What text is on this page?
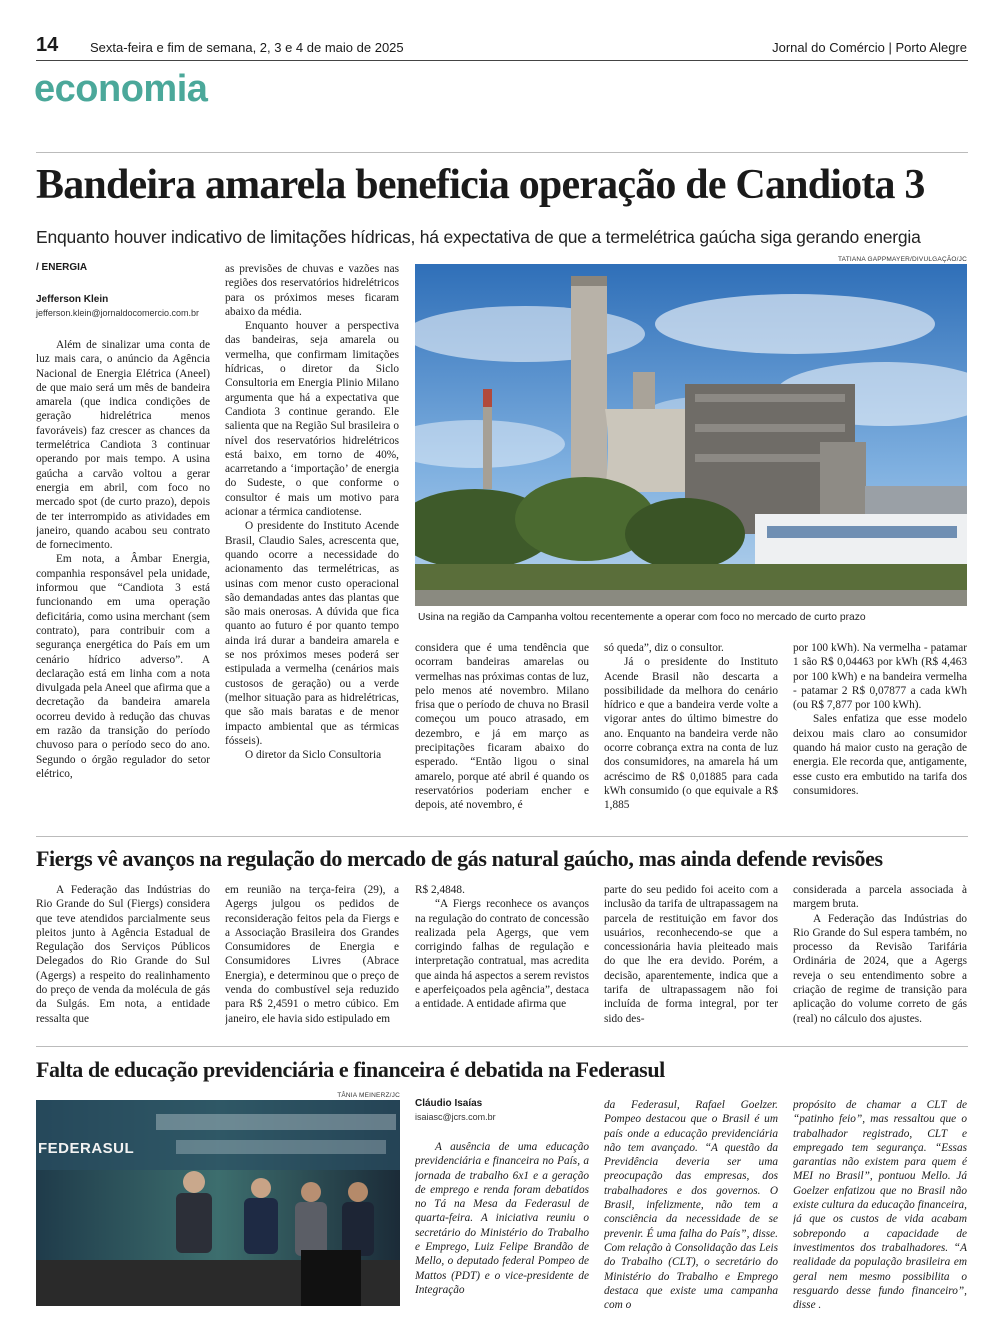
14 Sexta-feira e fim de semana, 2, 3 e 4 de maio de 2025	Jornal do Comércio | Porto Alegre
economia
Bandeira amarela beneficia operação de Candiota 3
Enquanto houver indicativo de limitações hídricas, há expectativa de que a termelétrica gaúcha siga gerando energia
/ ENERGIA
Jefferson Klein
jefferson.klein@jornaldocomercio.com.br

Além de sinalizar uma conta de luz mais cara, o anúncio da Agência Nacional de Energia Elétrica (Aneel) de que maio será um mês de bandeira amarela (que indica condições de geração hidrelétrica menos favoráveis) faz crescer as chances da termelétrica Candiota 3 continuar operando por mais tempo. A usina gaúcha a carvão voltou a gerar energia em abril, com foco no mercado spot (de curto prazo), depois de ter interrompido as atividades em janeiro, quando acabou seu contrato de fornecimento.

Em nota, a Âmbar Energia, companhia responsável pela unidade, informou que “Candiota 3 está funcionando em uma operação deficitária, como usina merchant (sem contrato), para contribuir com a segurança energética do País em um cenário hídrico adverso”. A declaração está em linha com a nota divulgada pela Aneel que afirma que a decretação da bandeira amarela ocorreu devido à redução das chuvas em razão da transição do período chuvoso para o período seco do ano. Segundo o órgão regulador do setor elétrico,

as previsões de chuvas e vazões nas regiões dos reservatórios hidrelétricos para os próximos meses ficaram abaixo da média.

Enquanto houver a perspectiva das bandeiras, seja amarela ou vermelha, que confirmam limitações hídricas, o diretor da Siclo Consultoria em Energia Plinio Milano argumenta que há a expectativa que Candiota 3 continue gerando. Ele salienta que na Região Sul brasileira o nível dos reservatórios hidrelétricos está baixo, em torno de 40%, acarretando a ‘importação’ de energia do Sudeste, o que conforme o consultor é mais um motivo para acionar a térmica candiotense.

O presidente do Instituto Acende Brasil, Claudio Sales, acrescenta que, quando ocorre a necessidade do acionamento das termelétricas, as usinas com menor custo operacional são demandadas antes das plantas que são mais onerosas. A dúvida que fica quanto ao futuro é por quanto tempo ainda irá durar a bandeira amarela e se nos próximos meses poderá ser estipulada a vermelha (cenários mais custosos de geração) ou a verde (melhor situação para as hidrelétricas, que são mais baratas e de menor impacto ambiental que as térmicas fósseis).

O diretor da Siclo Consultoria

TATIANA GAPPMAYER/DIVULGAÇÃO/JC
Usina na região da Campanha voltou recentemente a operar com foco no mercado de curto prazo

considera que é uma tendência que ocorram bandeiras amarelas ou vermelhas nas próximas contas de luz, pelo menos até novembro. Milano frisa que o período de chuva no Brasil começou um pouco atrasado, em dezembro, e já em março as precipitações ficaram abaixo do esperado. “Então ligou o sinal amarelo, porque até abril é quando os reservatórios poderiam encher e depois, até novembro, é

só queda”, diz o consultor.

Já o presidente do Instituto Acende Brasil não descarta a possibilidade da melhora do cenário hídrico e que a bandeira verde volte a vigorar antes do último bimestre do ano. Enquanto na bandeira verde não ocorre cobrança extra na conta de luz dos consumidores, na amarela há um acréscimo de R$ 0,01885 para cada kWh consumido (o que equivale a R$ 1,885

por 100 kWh). Na vermelha - patamar 1 são R$ 0,04463 por kWh (R$ 4,463 por 100 kWh) e na bandeira vermelha - patamar 2 R$ 0,07877 a cada kWh (ou R$ 7,877 por 100 kWh).

Sales enfatiza que esse modelo deixou mais claro ao consumidor quando há maior custo na geração de energia. Ele recorda que, antigamente, esse custo era embutido na tarifa dos consumidores.

Fiergs vê avanços na regulação do mercado de gás natural gaúcho, mas ainda defende revisões

A Federação das Indústrias do Rio Grande do Sul (Fiergs) considera que teve atendidos parcialmente seus pleitos junto à Agência Estadual de Regulação dos Serviços Públicos Delegados do Rio Grande do Sul (Agergs) a respeito do realinhamento do preço de venda da molécula de gás da Sulgás. Em nota, a entidade ressalta que

em reunião na terça-feira (29), a Agergs julgou os pedidos de reconsideração feitos pela da Fiergs e a Associação Brasileira dos Grandes Consumidores de Energia e Consumidores Livres (Abrace Energia), e determinou que o preço de venda do combustível seja reduzido para R$ 2,4591 o metro cúbico. Em janeiro, ele havia sido estipulado em

R$ 2,4848.

“A Fiergs reconhece os avanços na regulação do contrato de concessão realizada pela Agergs, que vem corrigindo falhas de regulação e interpretação contratual, mas acredita que ainda há aspectos a serem revistos e aperfeiçoados pela agência”, destaca a entidade. A entidade afirma que

parte do seu pedido foi aceito com a inclusão da tarifa de ultrapassagem na parcela de restituição em favor dos usuários, reconhecendo-se que a concessionária havia pleiteado mais do que lhe era devido. Porém, a decisão, aparentemente, indica que a tarifa de ultrapassagem não foi incluída de forma integral, por ter sido des-

considerada a parcela associada à margem bruta.

A Federação das Indústrias do Rio Grande do Sul espera também, no processo da Revisão Tarifária Ordinária de 2024, que a Agergs reveja o seu entendimento sobre a criação de regime de transição para aplicação do volume correto de gás (real) no cálculo dos ajustes.

Falta de educação previdenciária e financeira é debatida na Federasul
TÂNIA MEINERZ/JC
FEDERASUL
Cláudio Isaías
isaiasc@jcrs.com.br

A ausência de uma educação previdenciária e financeira no País, a jornada de trabalho 6x1 e a geração de emprego e renda foram debatidos no Tá na Mesa da Federasul de quarta-feira. A iniciativa reuniu o secretário do Ministério do Trabalho e Emprego, Luiz Felipe Brandão de Mello, o deputado federal Pompeo de Mattos (PDT) e o vice-presidente de Integração

da Federasul, Rafael Goelzer. Pompeo destacou que o Brasil é um país onde a educação previdenciária não tem avançado. “A questão da Previdência deveria ser uma preocupação das empresas, dos trabalhadores e dos governos. O Brasil, infelizmente, não tem a consciência da necessidade de se prevenir. É uma falha do País”, disse. Com relação à Consolidação das Leis do Trabalho (CLT), o secretário do Ministério do Trabalho e Emprego destaca que existe uma campanha com o

propósito de chamar a CLT de “patinho feio”, mas ressaltou que o trabalhador registrado, CLT e empregado tem segurança. “Essas garantias não existem para quem é MEI no Brasil”, pontuou Mello. Já Goelzer enfatizou que no Brasil não existe cultura da educação financeira, já que os custos de vida acabam sobrepondo a capacidade de investimentos dos trabalhadores. “A realidade da população brasileira em geral nem mesmo possibilita o resguardo desse fundo financeiro”, disse .
